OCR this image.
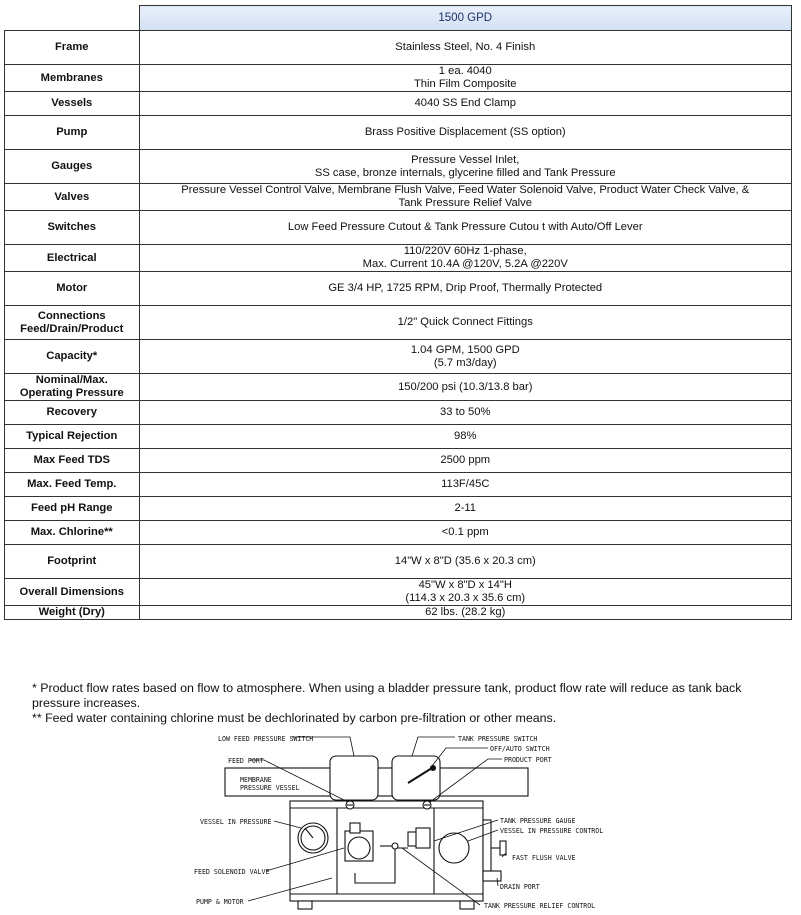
	1500 GPD
Frame	Stainless Steel, No. 4 Finish
Membranes	1 ea. 4040
Thin Film Composite
Vessels	4040 SS End Clamp
Pump	Brass Positive Displacement (SS option)
Gauges	Pressure Vessel Inlet,
SS case, bronze internals, glycerine filled and Tank Pressure
Valves	Pressure Vessel Control Valve, Membrane Flush Valve, Feed Water Solenoid Valve, Product Water Check Valve, &
Tank Pressure Relief Valve
Switches	Low Feed Pressure Cutout & Tank Pressure Cutou t with Auto/Off Lever
Electrical	110/220V 60Hz 1-phase,
Max. Current 10.4A @120V, 5.2A @220V
Motor	GE 3/4 HP, 1725 RPM, Drip Proof, Thermally Protected
Connections
Feed/Drain/Product	1/2" Quick Connect Fittings
Capacity*	1.04 GPM, 1500 GPD
(5.7 m3/day)
Nominal/Max.
Operating Pressure	150/200 psi (10.3/13.8 bar)
Recovery	33 to 50%
Typical Rejection	98%
Max Feed TDS	2500 ppm
Max. Feed Temp.	113F/45C
Feed pH Range	2-11
Max. Chlorine**	<0.1 ppm
Footprint	14"W x 8"D (35.6 x 20.3 cm)
Overall Dimensions	45"W x 8"D x 14"H
(114.3 x 20.3 x 35.6 cm)
Weight (Dry)	62 lbs. (28.2 kg)

* Product flow rates based on flow to atmosphere. When using a bladder pressure tank, product flow rate will reduce as tank back pressure increases.

** Feed water containing chlorine must be dechlorinated by carbon pre-filtration or other means.

LOW FEED PRESSURE SWITCH	TANK PRESSURE SWITCH
OFF/AUTO SWITCH
FEED PORT	PRODUCT PORT
MEMBRANE
PRESSURE VESSEL
TANK PRESSURE GAUGE
VESSEL IN PRESSURE
VESSEL IN PRESSURE CONTROL
FAST FLUSH VALVE
FEED SOLENOID VALVE
DRAIN PORT
PUMP & MOTOR	TANK PRESSURE RELIEF CONTROL
